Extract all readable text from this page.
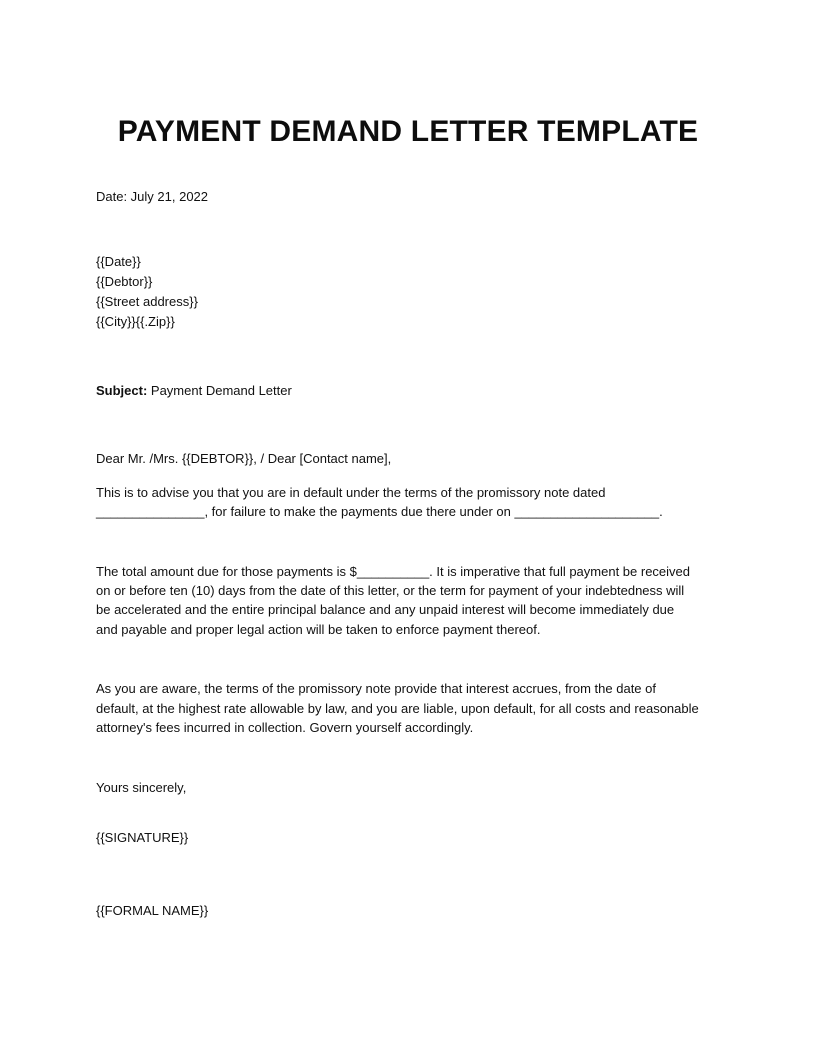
PAYMENT DEMAND LETTER TEMPLATE
Date: July 21, 2022
{{Date}}
{{Debtor}}
{{Street address}}
{{City}}{{.Zip}}
Subject: Payment Demand Letter
Dear Mr. /Mrs. {{DEBTOR}}, / Dear [Contact name],
This is to advise you that you are in default under the terms of the promissory note dated
_______________, for failure to make the payments due there under on ____________________.
The total amount due for those payments is $__________. It is imperative that full payment be received
on or before ten (10) days from the date of this letter, or the term for payment of your indebtedness will
be accelerated and the entire principal balance and any unpaid interest will become immediately due
and payable and proper legal action will be taken to enforce payment thereof.
As you are aware, the terms of the promissory note provide that interest accrues, from the date of
default, at the highest rate allowable by law, and you are liable, upon default, for all costs and reasonable
attorney's fees incurred in collection. Govern yourself accordingly.
Yours sincerely,
{{SIGNATURE}}
{{FORMAL NAME}}
